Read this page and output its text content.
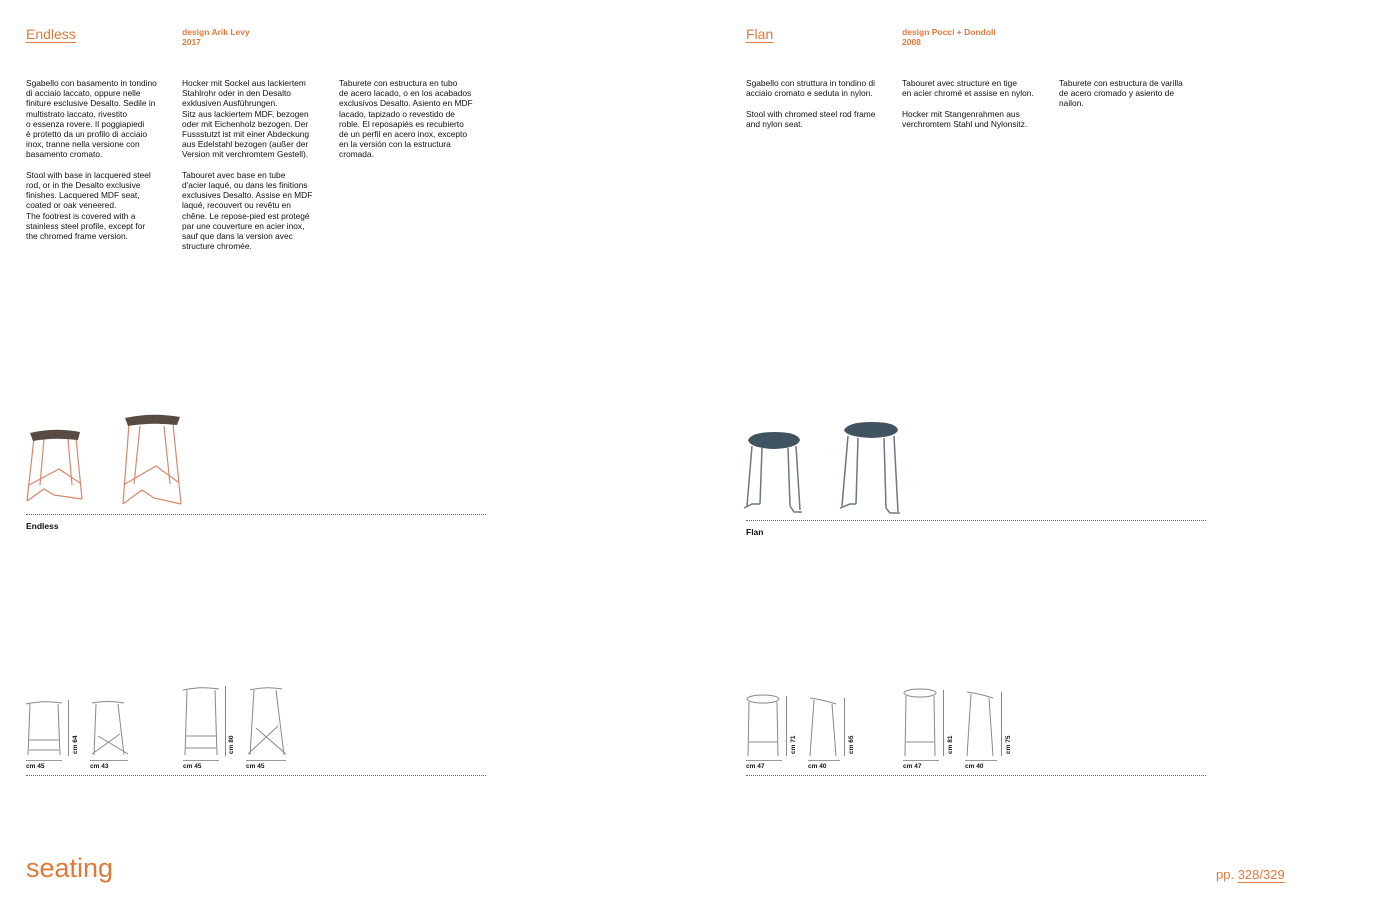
Endless	design Arik Levy
2017
Sgabello con basamento in tondino
di acciaio laccato, oppure nelle
finiture esclusive Desalto. Sedile in
multistrato laccato, rivestito
o essenza rovere. Il poggiapiedi
è protetto da un profilo di acciaio
inox, tranne nella versione con
basamento cromato.

Stool with base in lacquered steel
rod, or in the Desalto exclusive
finishes. Lacquered MDF seat,
coated or oak veneered.
The footrest is covered with a
stainless steel profile, except for
the chromed frame version.
Hocker mit Sockel aus lackiertem
Stahlrohr oder in den Desalto
exklusiven Ausführungen.
Sitz aus lackiertem MDF, bezogen
oder mit Eichenholz bezogen. Der
Fussstutzt ist mit einer Abdeckung
aus Edelstahl bezogen (außer der
Version mit verchromtem Gestell).

Tabouret avec base en tube
d'acier laqué, ou dans les finitions
exclusives Desalto. Assise en MDF
laqué, recouvert ou revêtu en
chêne. Le repose-pied est protegé
par une couverture en acier inox,
sauf que dans la version avec
structure chromée.
Taburete con estructura en tubo
de acero lacado, o en los acabados
exclusivos Desalto. Asiento en MDF
lacado, tapizado o revestido de
roble. El reposapiés es recubierto
de un perfil en acero inox, excepto
en la versión con la estructura
cromada.
Endless
cm 64
cm 45	cm 43
cm 80
cm 45	cm 45
Flan	design Pocci + Dondoli
2008
Sgabello con struttura in tondino di
acciaio cromato e seduta in nylon.

Stool with chromed steel rod frame
and nylon seat.
Tabouret avec structure en tige
en acier chromé et assise en nylon.

Hocker mit Stangenrahmen aus
verchromtem Stahl und Nylonsitz.
Taburete con estructura de varilla
de acero cromado y asiento de
nailon.
Flan
cm 71
cm 47
cm 65
cm 40
cm 81
cm 47
cm 75
cm 40
seating	pp. 328/329
